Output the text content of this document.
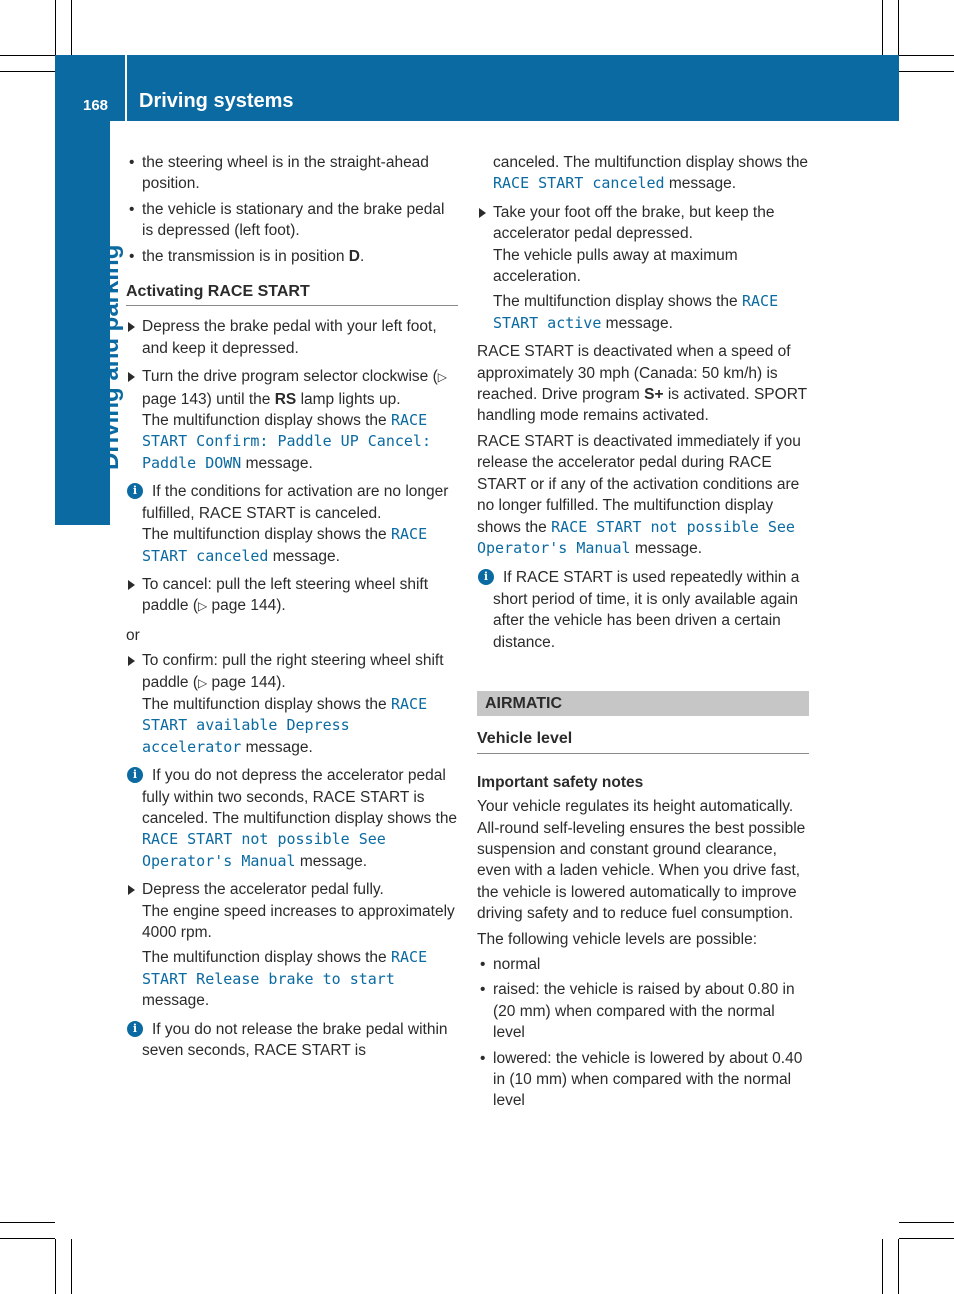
168 Driving systems
Driving and parking
• the steering wheel is in the straight-ahead position.
• the vehicle is stationary and the brake pedal is depressed (left foot).
• the transmission is in position D.
Activating RACE START
Depress the brake pedal with your left foot, and keep it depressed.
Turn the drive program selector clockwise (▷ page 143) until the RS lamp lights up.
The multifunction display shows the RACE START Confirm: Paddle UP Cancel: Paddle DOWN message.
i If the conditions for activation are no longer fulfilled, RACE START is canceled.
The multifunction display shows the RACE START canceled message.
To cancel: pull the left steering wheel shift paddle (▷ page 144).

or

To confirm: pull the right steering wheel shift paddle (▷ page 144).
The multifunction display shows the RACE START available Depress accelerator message.
i If you do not depress the accelerator pedal fully within two seconds, RACE START is canceled. The multifunction display shows the RACE START not possible See Operator's Manual message.
Depress the accelerator pedal fully.
The engine speed increases to approximately 4000 rpm.
The multifunction display shows the RACE START Release brake to start message.
i If you do not release the brake pedal within seven seconds, RACE START is
canceled. The multifunction display shows the RACE START canceled message.
Take your foot off the brake, but keep the accelerator pedal depressed.
The vehicle pulls away at maximum acceleration.
The multifunction display shows the RACE START active message.

RACE START is deactivated when a speed of approximately 30 mph (Canada: 50 km/h) is reached. Drive program S+ is activated. SPORT handling mode remains activated.

RACE START is deactivated immediately if you release the accelerator pedal during RACE START or if any of the activation conditions are no longer fulfilled. The multifunction display shows the RACE START not possible See Operator's Manual message.

i If RACE START is used repeatedly within a short period of time, it is only available again after the vehicle has been driven a certain distance.
AIRMATIC
Vehicle level
Important safety notes

Your vehicle regulates its height automatically. All-round self-leveling ensures the best possible suspension and constant ground clearance, even with a laden vehicle. When you drive fast, the vehicle is lowered automatically to improve driving safety and to reduce fuel consumption.

The following vehicle levels are possible:

• normal
• raised: the vehicle is raised by about 0.80 in (20 mm) when compared with the normal level
• lowered: the vehicle is lowered by about 0.40 in (10 mm) when compared with the normal level
